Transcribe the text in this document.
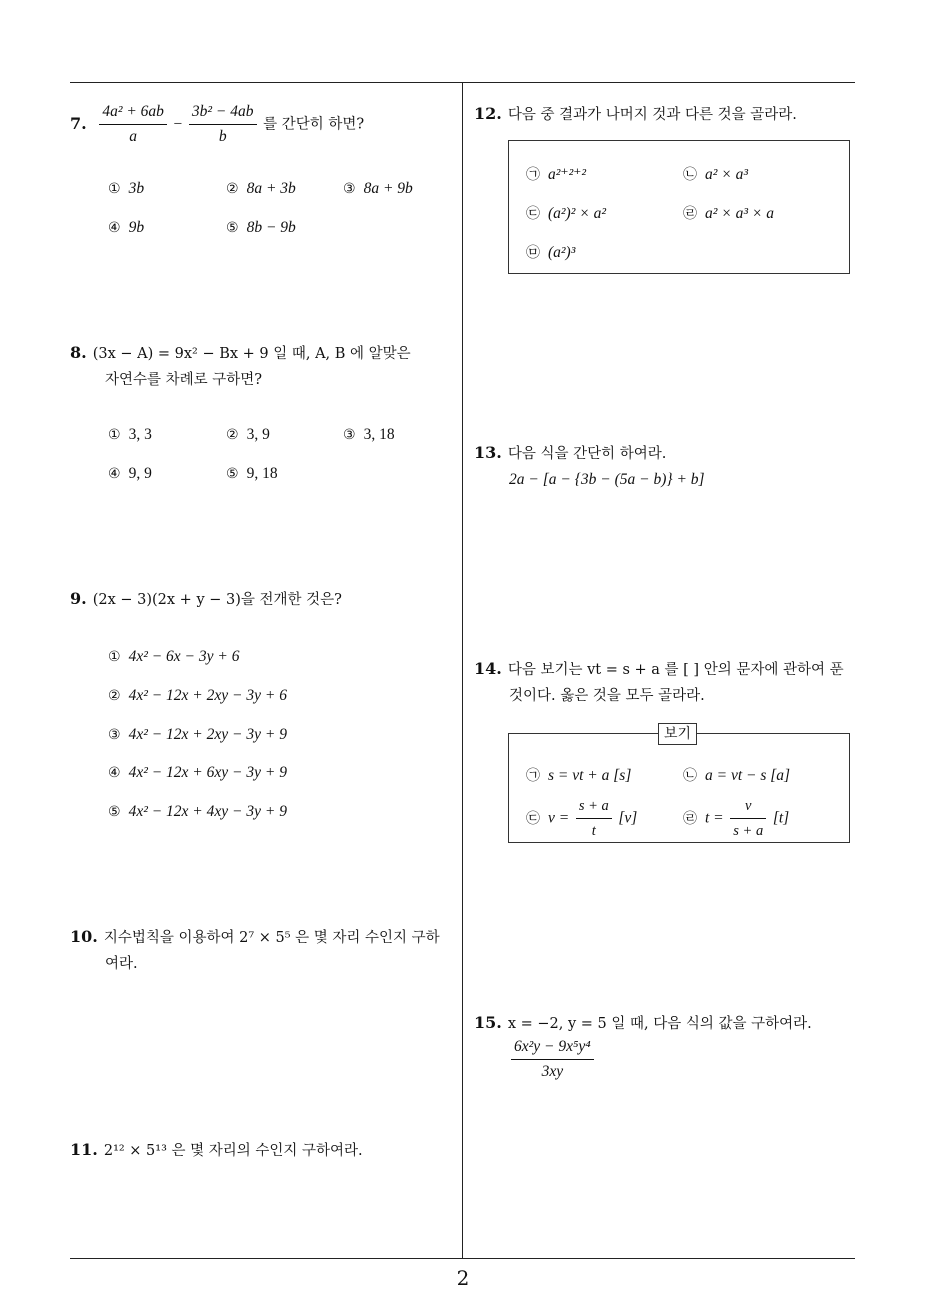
7. $\frac{\text{4a² + 6ab}}{a} - \frac{\text{3b² − 4ab}}{b}$ 를 간단히 하면?
① 3b	② 8a + 3b	③ 8a + 9b
④ 9b	⑤ 8b − 9b
8. (3x − A) = 9x² − Bx + 9 일 때, A, B 에 알맞은
자연수를 차례로 구하면?
① 3, 3	② 3, 9	③ 3, 18
④ 9, 9	⑤ 9, 18
9. (2x − 3)(2x + y − 3)을 전개한 것은?
① 4x² − 6x − 3y + 6
② 4x² − 12x + 2xy − 3y + 6
③ 4x² − 12x + 2xy − 3y + 9
④ 4x² − 12x + 6xy − 3y + 9
⑤ 4x² − 12x + 4xy − 3y + 9
10. 지수법칙을 이용하여 2⁷ × 5⁵ 은 몇 자리 수인지 구하
여라.
11. 2¹² × 5¹³ 은 몇 자리의 수인지 구하여라.
12. 다음 중 결과가 나머지 것과 다른 것을 골라라.
㉠ a²⁺²⁺²	㉡ a² × a³
㉢ (a²)² × a²	㉣ a² × a³ × a
㉤ (a²)³
13. 다음 식을 간단히 하여라.
2a − [a − {3b − (5a − b)} + b]
14. 다음 보기는 vt = s + a 를 [ ] 안의 문자에 관하여 푼
것이다. 옳은 것을 모두 골라라.
보기
㉠ s = vt + a [s]	㉡ a = vt − s [a]
㉢ $v = \frac{s + a}{t} [v]$	㉣ $t = \frac{v}{s + a} [t]$
15. x = −2, y = 5 일 때, 다음 식의 값을 구하여라.
$\frac{\text{6x²y − 9x⁵y⁴}}{3xy}$
2
